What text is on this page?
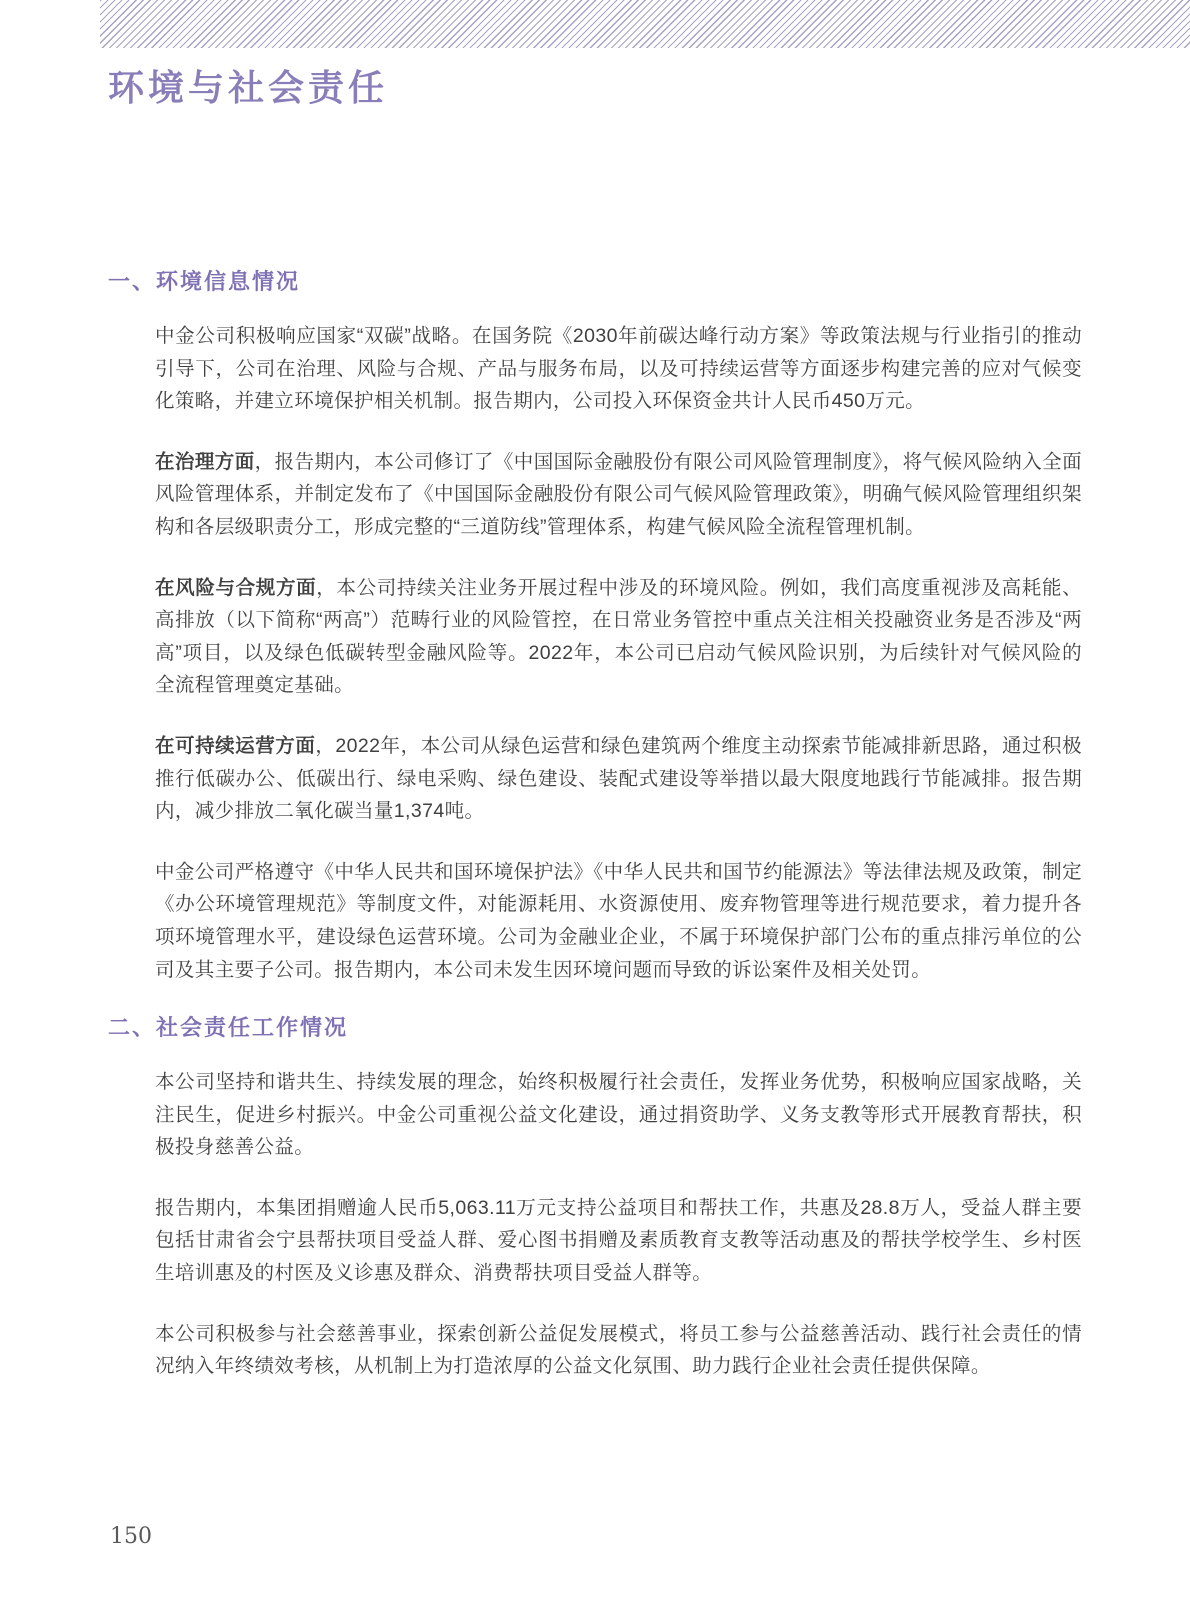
环境与社会责任
一、环境信息情况

中金公司积极响应国家“双碳”战略。在国务院《2030年前碳达峰行动方案》等政策法规与行业指引的推动引导下，公司在治理、风险与合规、产品与服务布局，以及可持续运营等方面逐步构建完善的应对气候变化策略，并建立环境保护相关机制。报告期内，公司投入环保资金共计人民币450万元。

在治理方面，报告期内，本公司修订了《中国国际金融股份有限公司风险管理制度》，将气候风险纳入全面风险管理体系，并制定发布了《中国国际金融股份有限公司气候风险管理政策》，明确气候风险管理组织架构和各层级职责分工，形成完整的“三道防线”管理体系，构建气候风险全流程管理机制。

在风险与合规方面，本公司持续关注业务开展过程中涉及的环境风险。例如，我们高度重视涉及高耗能、高排放（以下简称“两高”）范畴行业的风险管控，在日常业务管控中重点关注相关投融资业务是否涉及“两高”项目，以及绿色低碳转型金融风险等。2022年，本公司已启动气候风险识别，为后续针对气候风险的全流程管理奠定基础。

在可持续运营方面，2022年，本公司从绿色运营和绿色建筑两个维度主动探索节能减排新思路，通过积极推行低碳办公、低碳出行、绿电采购、绿色建设、装配式建设等举措以最大限度地践行节能减排。报告期内，减少排放二氧化碳当量1,374吨。

中金公司严格遵守《中华人民共和国环境保护法》《中华人民共和国节约能源法》等法律法规及政策，制定《办公环境管理规范》等制度文件，对能源耗用、水资源使用、废弃物管理等进行规范要求，着力提升各项环境管理水平，建设绿色运营环境。公司为金融业企业，不属于环境保护部门公布的重点排污单位的公司及其主要子公司。报告期内，本公司未发生因环境问题而导致的诉讼案件及相关处罚。

二、社会责任工作情况

本公司坚持和谐共生、持续发展的理念，始终积极履行社会责任，发挥业务优势，积极响应国家战略，关注民生，促进乡村振兴。中金公司重视公益文化建设，通过捐资助学、义务支教等形式开展教育帮扶，积极投身慈善公益。

报告期内，本集团捐赠逾人民币5,063.11万元支持公益项目和帮扶工作，共惠及28.8万人，受益人群主要包括甘肃省会宁县帮扶项目受益人群、爱心图书捐赠及素质教育支教等活动惠及的帮扶学校学生、乡村医生培训惠及的村医及义诊惠及群众、消费帮扶项目受益人群等。

本公司积极参与社会慈善事业，探索创新公益促发展模式，将员工参与公益慈善活动、践行社会责任的情况纳入年终绩效考核，从机制上为打造浓厚的公益文化氛围、助力践行企业社会责任提供保障。

150
